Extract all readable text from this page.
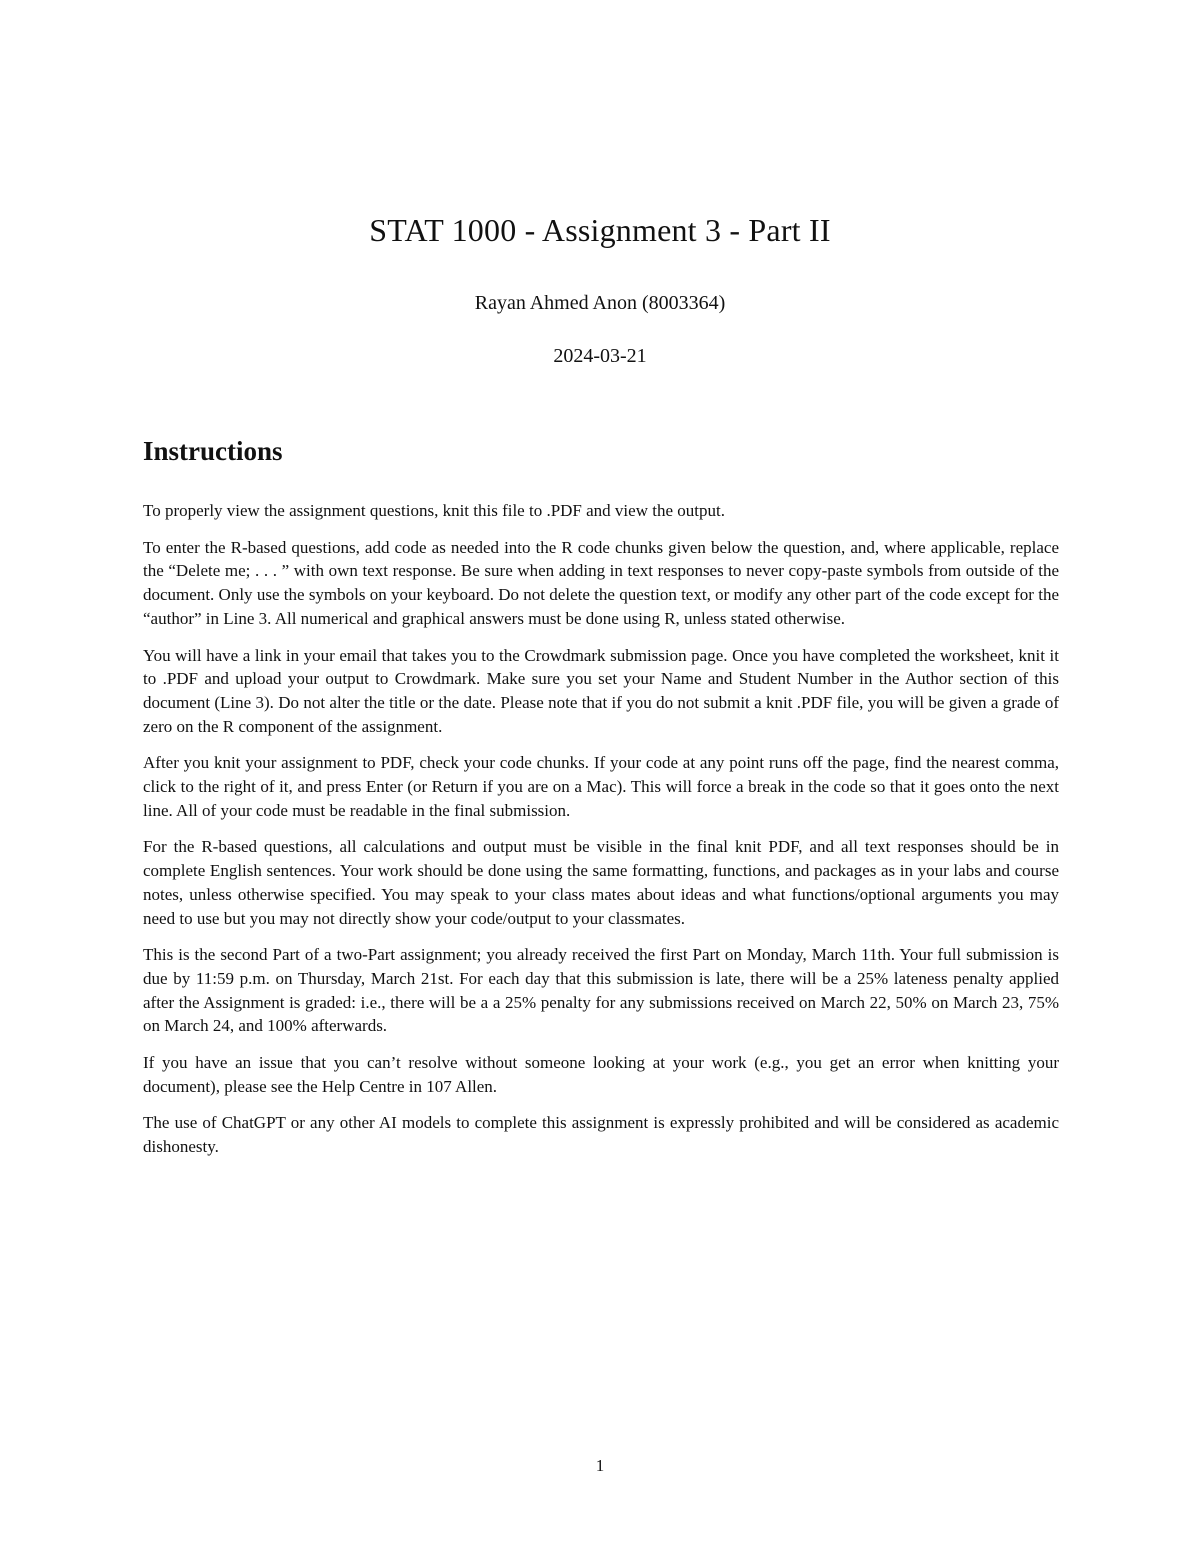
STAT 1000 - Assignment 3 - Part II
Rayan Ahmed Anon (8003364)
2024-03-21
Instructions

To properly view the assignment questions, knit this file to .PDF and view the output.

To enter the R-based questions, add code as needed into the R code chunks given below the question, and, where applicable, replace the “Delete me; . . . ” with own text response. Be sure when adding in text responses to never copy-paste symbols from outside of the document. Only use the symbols on your keyboard. Do not delete the question text, or modify any other part of the code except for the “author” in Line 3. All numerical and graphical answers must be done using R, unless stated otherwise.

You will have a link in your email that takes you to the Crowdmark submission page. Once you have completed the worksheet, knit it to .PDF and upload your output to Crowdmark. Make sure you set your Name and Student Number in the Author section of this document (Line 3). Do not alter the title or the date. Please note that if you do not submit a knit .PDF file, you will be given a grade of zero on the R component of the assignment.

After you knit your assignment to PDF, check your code chunks. If your code at any point runs off the page, find the nearest comma, click to the right of it, and press Enter (or Return if you are on a Mac). This will force a break in the code so that it goes onto the next line. All of your code must be readable in the final submission.

For the R-based questions, all calculations and output must be visible in the final knit PDF, and all text responses should be in complete English sentences. Your work should be done using the same formatting, functions, and packages as in your labs and course notes, unless otherwise specified. You may speak to your class mates about ideas and what functions/optional arguments you may need to use but you may not directly show your code/output to your classmates.

This is the second Part of a two-Part assignment; you already received the first Part on Monday, March 11th. Your full submission is due by 11:59 p.m. on Thursday, March 21st. For each day that this submission is late, there will be a 25% lateness penalty applied after the Assignment is graded: i.e., there will be a a 25% penalty for any submissions received on March 22, 50% on March 23, 75% on March 24, and 100% afterwards.

If you have an issue that you can’t resolve without someone looking at your work (e.g., you get an error when knitting your document), please see the Help Centre in 107 Allen.

The use of ChatGPT or any other AI models to complete this assignment is expressly prohibited and will be considered as academic dishonesty.

1
